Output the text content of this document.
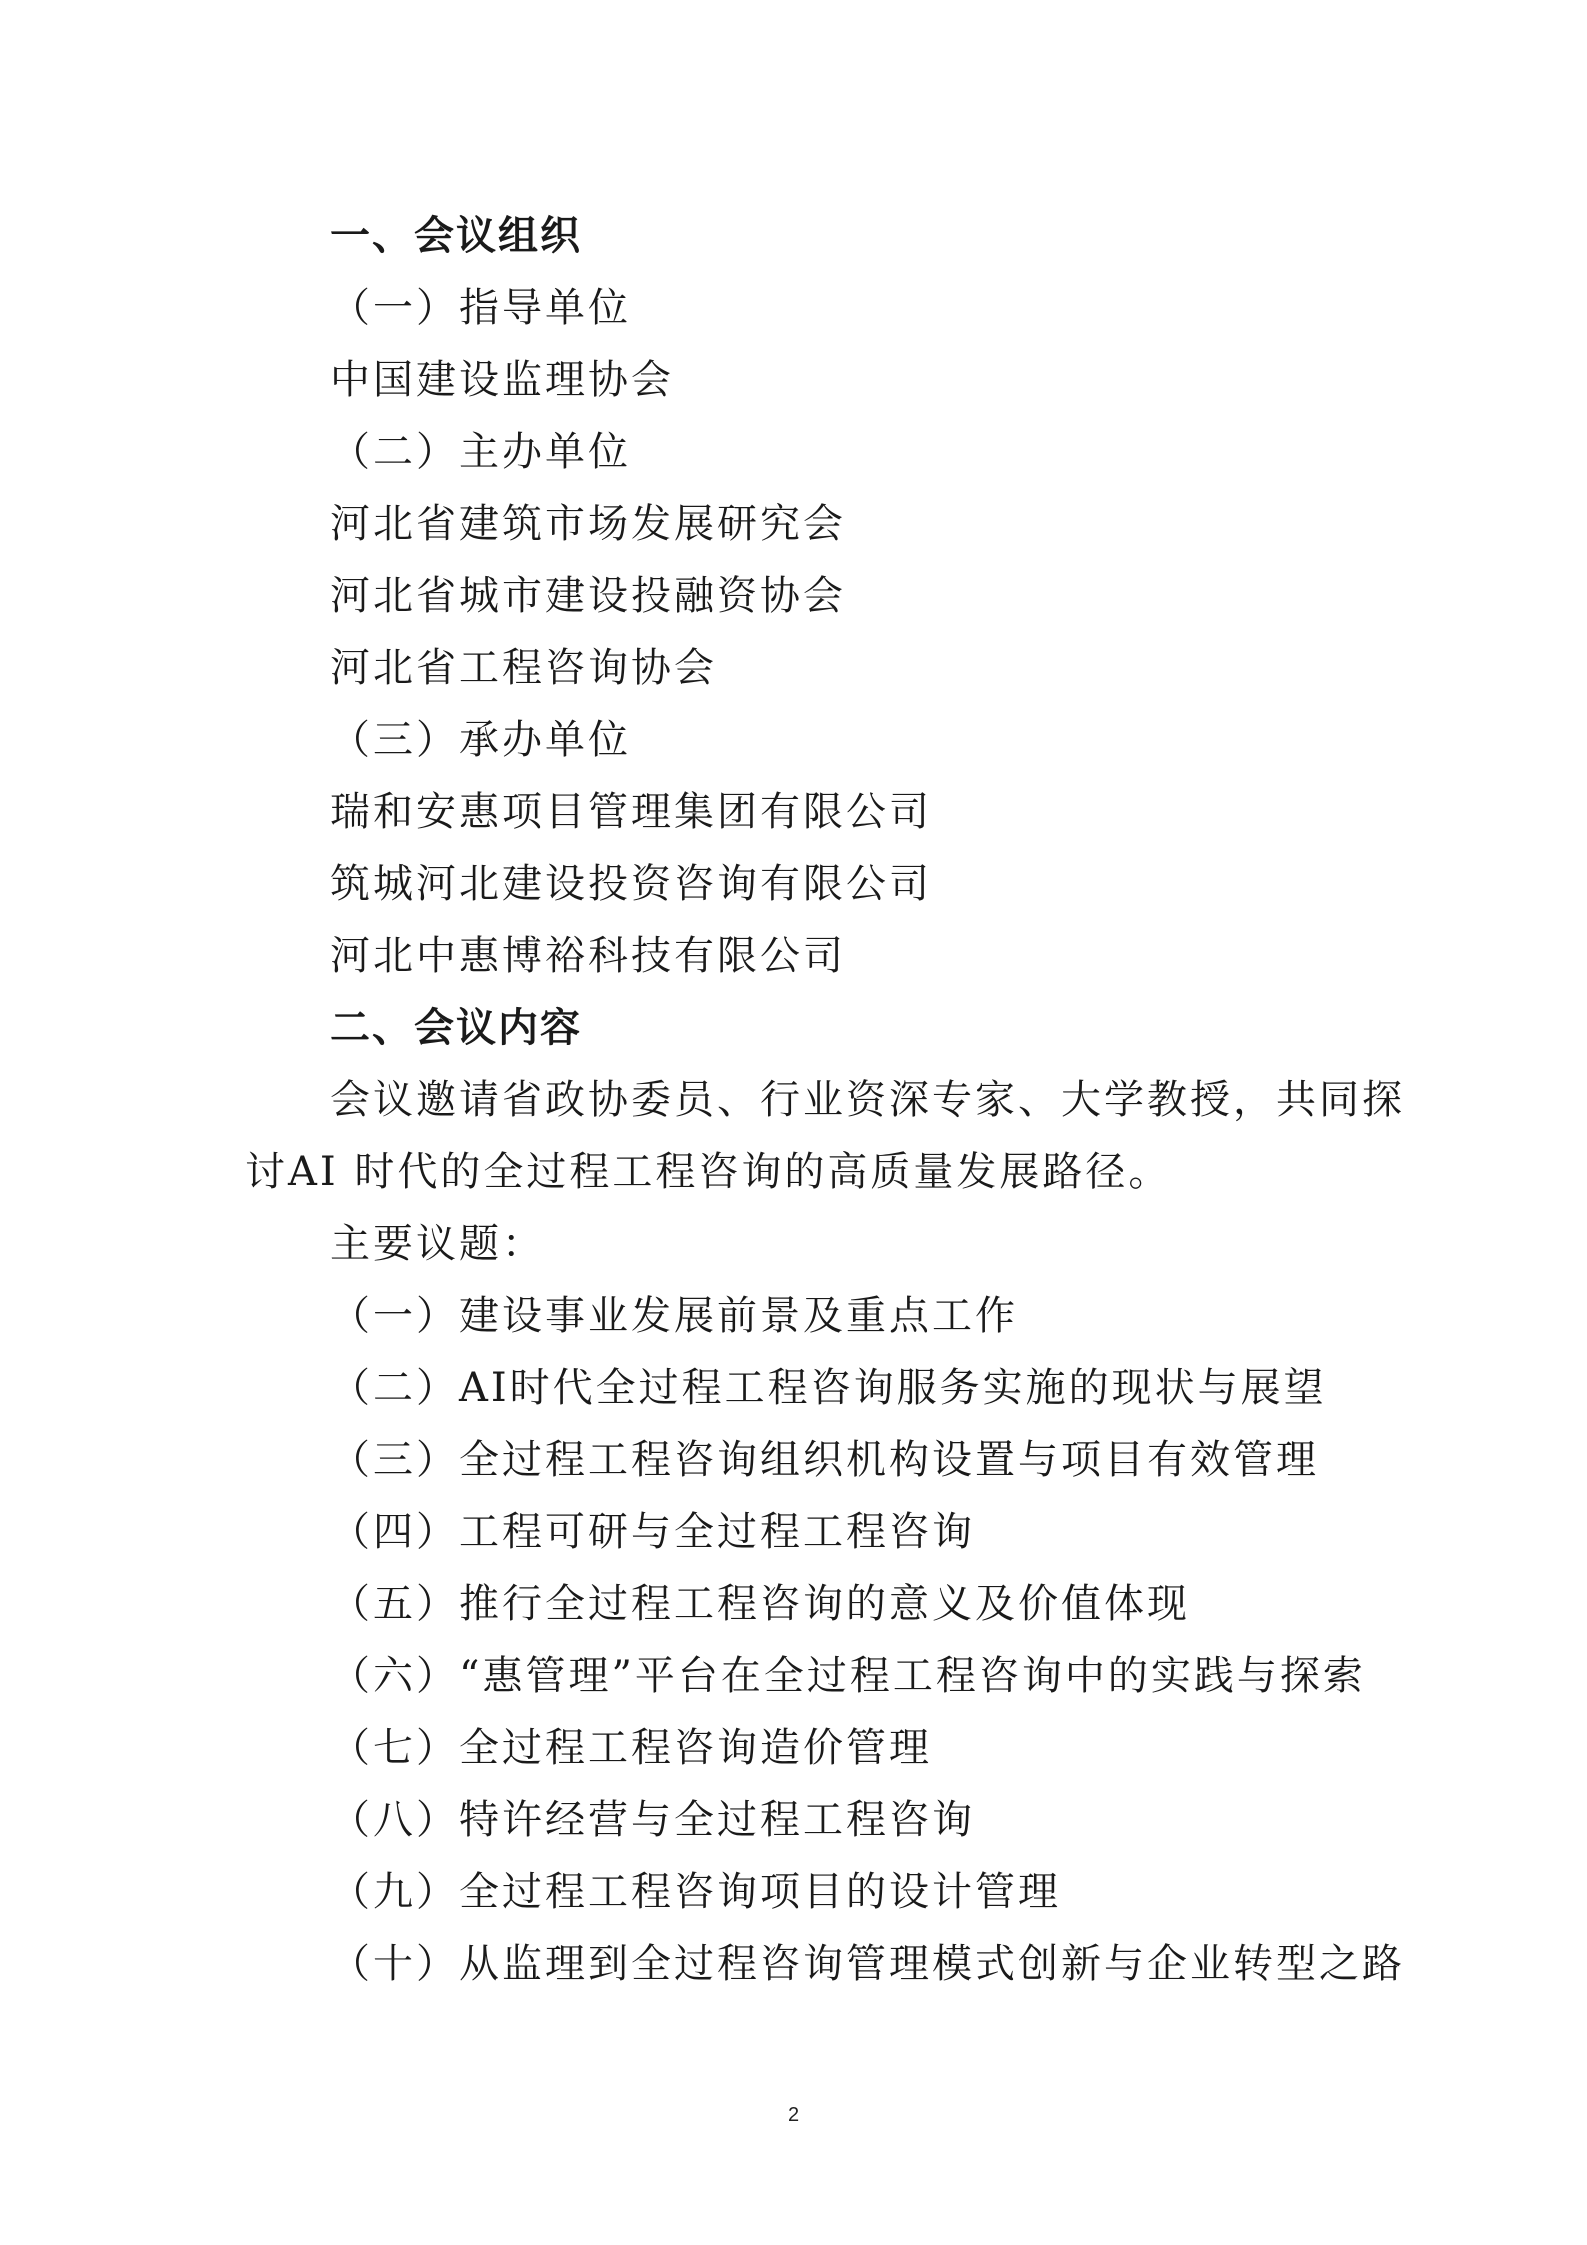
一、会议组织
（一）指导单位
中国建设监理协会
（二）主办单位
河北省建筑市场发展研究会
河北省城市建设投融资协会
河北省工程咨询协会
（三）承办单位
瑞和安惠项目管理集团有限公司
筑城河北建设投资咨询有限公司
河北中惠博裕科技有限公司
二、会议内容
会议邀请省政协委员、行业资深专家、大学教授，共同探
讨AI 时代的全过程工程咨询的高质量发展路径。
主要议题：
（一）建设事业发展前景及重点工作
（二）AI时代全过程工程咨询服务实施的现状与展望
（三）全过程工程咨询组织机构设置与项目有效管理
（四）工程可研与全过程工程咨询
（五）推行全过程工程咨询的意义及价值体现
（六）“惠管理”平台在全过程工程咨询中的实践与探索
（七）全过程工程咨询造价管理
（八）特许经营与全过程工程咨询
（九）全过程工程咨询项目的设计管理
（十）从监理到全过程咨询管理模式创新与企业转型之路
2
